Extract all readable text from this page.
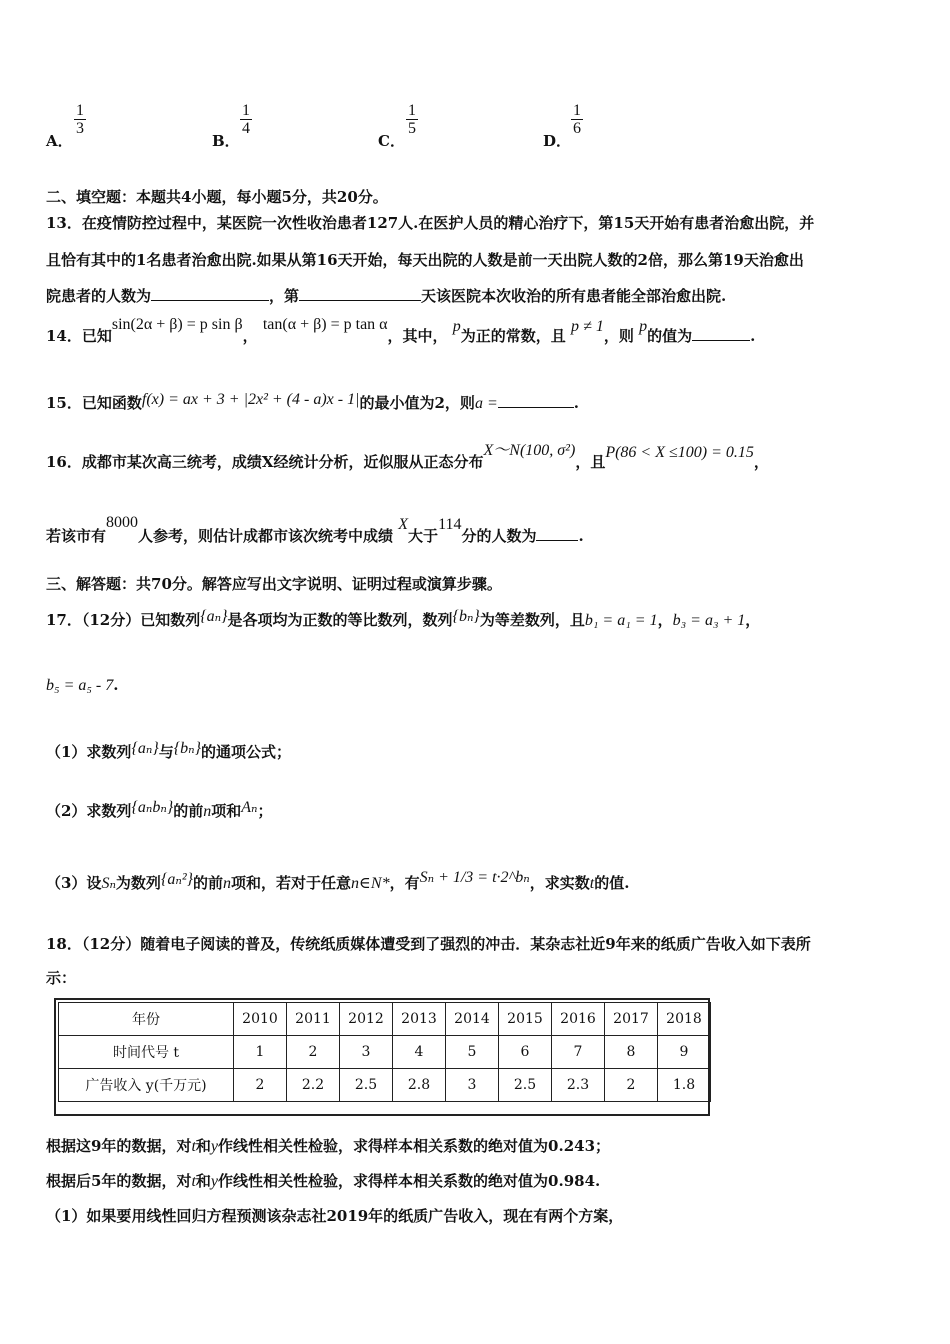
A．
$\frac{1}{3}$
B．
$\frac{1}{4}$
C．
$\frac{1}{5}$
D．
$\frac{1}{6}$
二、填空题：本题共4小题，每小题5分，共20分。
13．在疫情防控过程中，某医院一次性收治患者127人.在医护人员的精心治疗下，第15天开始有患者治愈出院，并
且恰有其中的1名患者治愈出院.如果从第16天开始，每天出院的人数是前一天出院人数的2倍，那么第19天治愈出
院患者的人数为	，第	天该医院本次收治的所有患者能全部治愈出院.
14．已知sin(2α + β) = p sin β， tan(α + β) = p tan α，其中， p为正的常数，且 p ≠ 1，则 p的值为	.
15．已知函数f(x) = ax + 3 + |2x² + (4 - a)x - 1|的最小值为2，则a =	.
16．成都市某次高三统考，成绩X经统计分析，近似服从正态分布X～N(100, σ²)，且P(86 < X ≤100) = 0.15，
若该市有8000人参考，则估计成都市该次统考中成绩 X大于114分的人数为	.
三、解答题：共70分。解答应写出文字说明、证明过程或演算步骤。
17．（12分）已知数列{aₙ}是各项均为正数的等比数列，数列{bₙ}为等差数列，且b₁ = a₁ = 1，b₃ = a₃ + 1，
b₅ = a₅ - 7.
（1）求数列{aₙ}与{bₙ}的通项公式；
（2）求数列{aₙbₙ}的前n项和Aₙ；
（3）设Sₙ为数列{aₙ²}的前n项和，若对于任意n∈N*，有Sₙ + 1/3 = t·2^bₙ，求实数t的值.
18．（12分）随着电子阅读的普及，传统纸质媒体遭受到了强烈的冲击．某杂志社近9年来的纸质广告收入如下表所
示：
年份	2010	2011	2012	2013	2014	2015	2016	2017	2018
时间代号 t	1	2	3	4	5	6	7	8	9
广告收入 y(千万元)	2	2.2	2.5	2.8	3	2.5	2.3	2	1.8
根据这9年的数据，对t和y作线性相关性检验，求得样本相关系数的绝对值为0.243；
根据后5年的数据，对t和y作线性相关性检验，求得样本相关系数的绝对值为0.984.
（1）如果要用线性回归方程预测该杂志社2019年的纸质广告收入，现在有两个方案，
